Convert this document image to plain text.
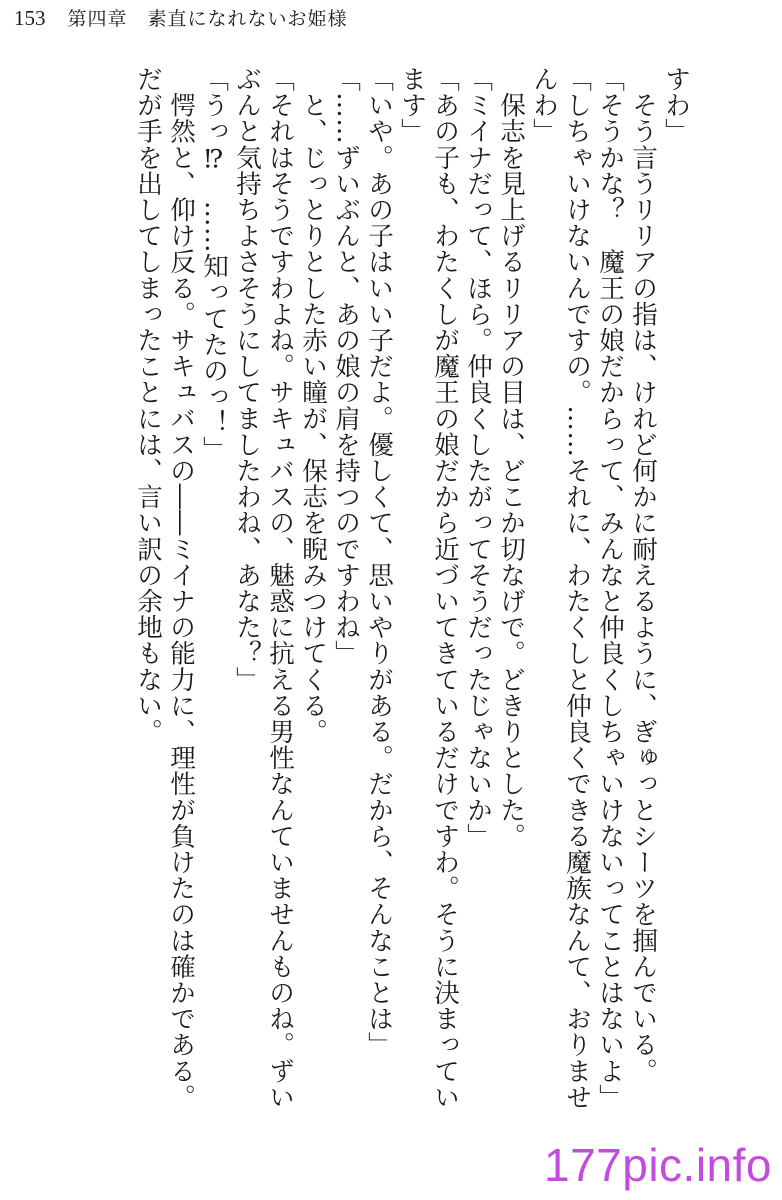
153 第四章　素直になれないお姫様

すわ」

　そう言うリリアの指は、けれど何かに耐えるように、ぎゅっとシーツを掴んでいる。

「そうかな？　魔王の娘だからって、みんなと仲良くしちゃいけないってことはないよ」

「しちゃいけないんですの。……それに、わたくしと仲良くできる魔族なんて、おりませ

んわ」

　保志を見上げるリリアの目は、どこか切なげで。どきりとした。

「ミイナだって、ほら。仲良くしたがってそうだったじゃないか」

「あの子も、わたくしが魔王の娘だから近づいてきているだけですわ。そうに決まってい

ます」

「いや。あの子はいい子だよ。優しくて、思いやりがある。だから、そんなことは」

「……ずいぶんと、あの娘の肩を持つのですわね」

　と、じっとりとした赤い瞳が、保志を睨みつけてくる。

「それはそうですわよね。サキュバスの、魅惑に抗える男性なんていませんものね。ずい

ぶんと気持ちよさそうにしてましたわね、あなた？」

「うっ⁉　……知ってたのっ！」

　愕然と、仰け反る。サキュバスの――ミイナの能力に、理性が負けたのは確かである。

だが手を出してしまったことには、言い訳の余地もない。

177pic.info
